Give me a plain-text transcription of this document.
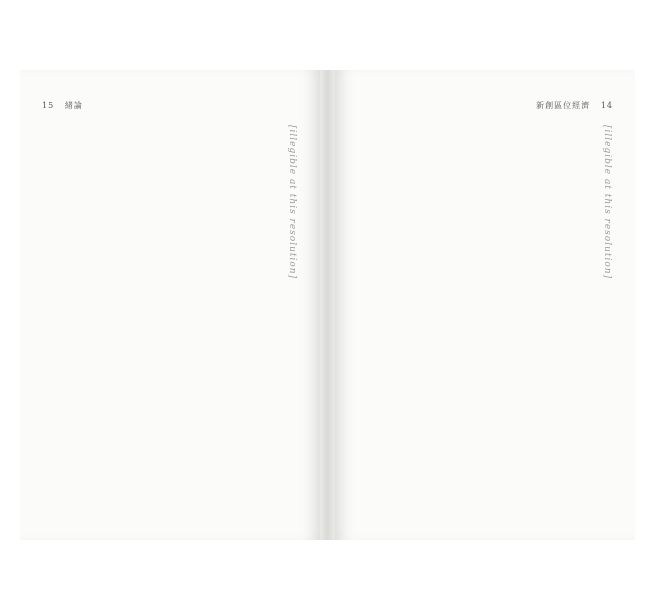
15 緒論	新創區位經濟 14
[illegible at this resolution]	[illegible at this resolution]
